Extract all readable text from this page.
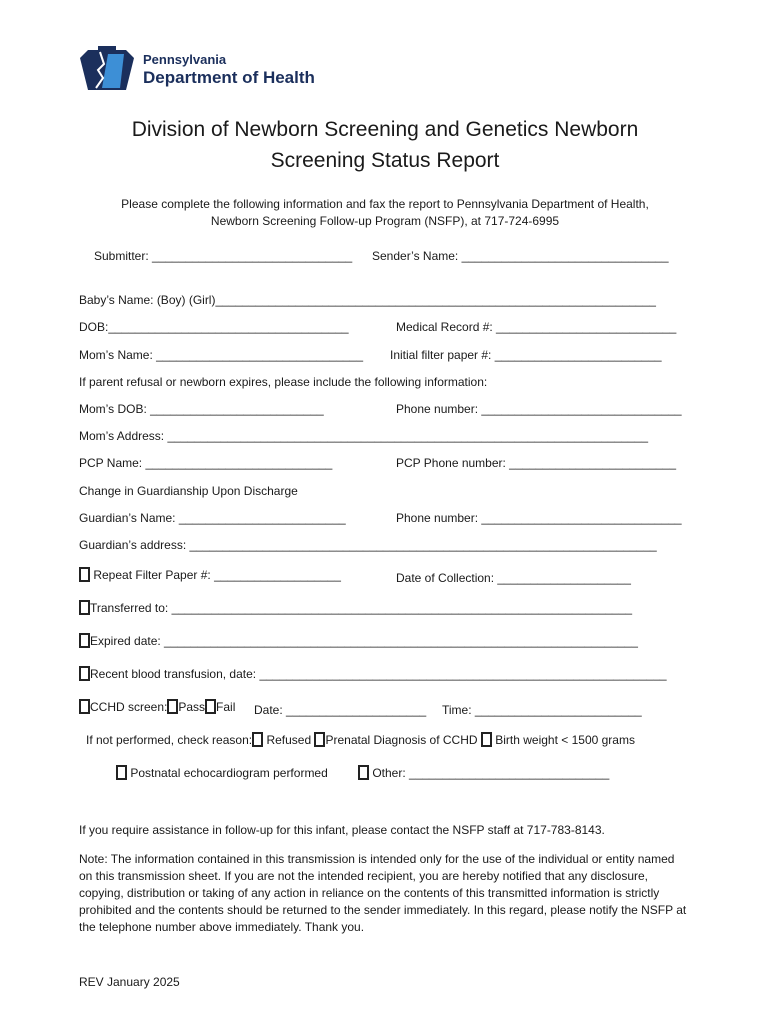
Pennsylvania
Department of Health
Division of Newborn Screening and Genetics Newborn
Screening Status Report
Please complete the following information and fax the report to Pennsylvania Department of Health,
Newborn Screening Follow-up Program (NSFP), at 717-724-6995
Submitter: ______________________________ Sender’s Name: _______________________________
Baby’s Name: (Boy) (Girl)__________________________________________________________________
DOB:____________________________________	Medical Record #: ___________________________
Mom’s Name: _______________________________ Initial filter paper #: _________________________
If parent refusal or newborn expires, please include the following information:
Mom’s DOB: __________________________	Phone number: ______________________________
Mom’s Address: ________________________________________________________________________
PCP Name: ____________________________	PCP Phone number: _________________________
Change in Guardianship Upon Discharge
Guardian’s Name: _________________________	Phone number: ______________________________
Guardian’s address: ______________________________________________________________________
Repeat Filter Paper #: ___________________	Date of Collection: ____________________
Transferred to: _____________________________________________________________________
Expired date: _______________________________________________________________________
Recent blood transfusion, date: _____________________________________________________________
CCHD screen: Pass Fail Date: _____________________ Time: _________________________
If not performed, check reason: Refused Prenatal Diagnosis of CCHD Birth weight < 1500 grams
Postnatal echocardiogram performed	Other: ______________________________
If you require assistance in follow-up for this infant, please contact the NSFP staff at 717-783-8143.
Note: The information contained in this transmission is intended only for the use of the individual or entity named on this transmission sheet. If you are not the intended recipient, you are hereby notified that any disclosure, copying, distribution or taking of any action in reliance on the contents of this transmitted information is strictly prohibited and the contents should be returned to the sender immediately. In this regard, please notify the NSFP at the telephone number above immediately. Thank you.
REV January 2025
